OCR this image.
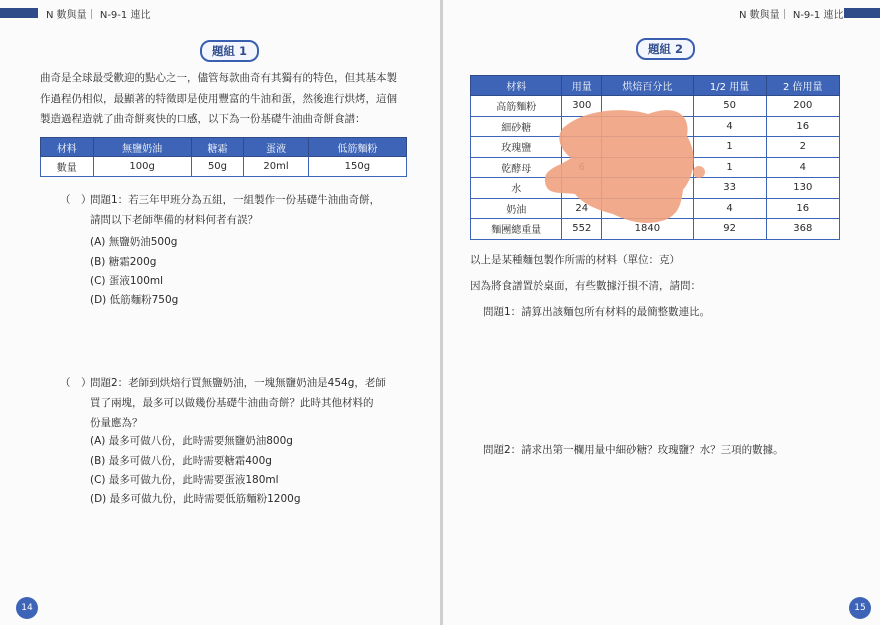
N 數與量｜ N-9-1 連比
題組 1
曲奇是全球最受歡迎的點心之一，儘管每款曲奇有其獨有的特色，但其基本製
作過程仍相似，最顯著的特徵即是使用豐富的牛油和蛋，然後進行烘烤，這個
製造過程造就了曲奇餅爽快的口感，以下為一份基礎牛油曲奇餅食譜：
材料	無鹽奶油	糖霜	蛋液	低筋麵粉
數量	100g	50g	20ml	150g
（　）
問題1：若三年甲班分為五組，一組製作一份基礎牛油曲奇餅，
請問以下老師準備的材料何者有誤？
(A) 無鹽奶油500g
(B) 糖霜200g
(C) 蛋液100ml
(D) 低筋麵粉750g
（　）
問題2：老師到烘焙行買無鹽奶油，一塊無鹽奶油是454g，老師
買了兩塊，最多可以做幾份基礎牛油曲奇餅？此時其他材料的
份量應為？
(A) 最多可做八份，此時需要無鹽奶油800g
(B) 最多可做八份，此時需要糖霜400g
(C) 最多可做九份，此時需要蛋液180ml
(D) 最多可做九份，此時需要低筋麵粉1200g
14
N 數與量｜ N-9-1 連比
題組 2
材料	用量	烘焙百分比	1/2 用量	2 倍用量
高筋麵粉	300		50	200
細砂糖			4	16
玫瑰鹽			1	2
乾酵母			1	4
水			33	130
奶油	24		4	16
麵團總重量	552	1840	92	368
以上是某種麵包製作所需的材料（單位：克）
因為將食譜置於桌面，有些數據汙損不清，請問：
問題1：請算出該麵包所有材料的最簡整數連比。
問題2：請求出第一欄用量中細砂糖？玫瑰鹽？水？三項的數據。
15
